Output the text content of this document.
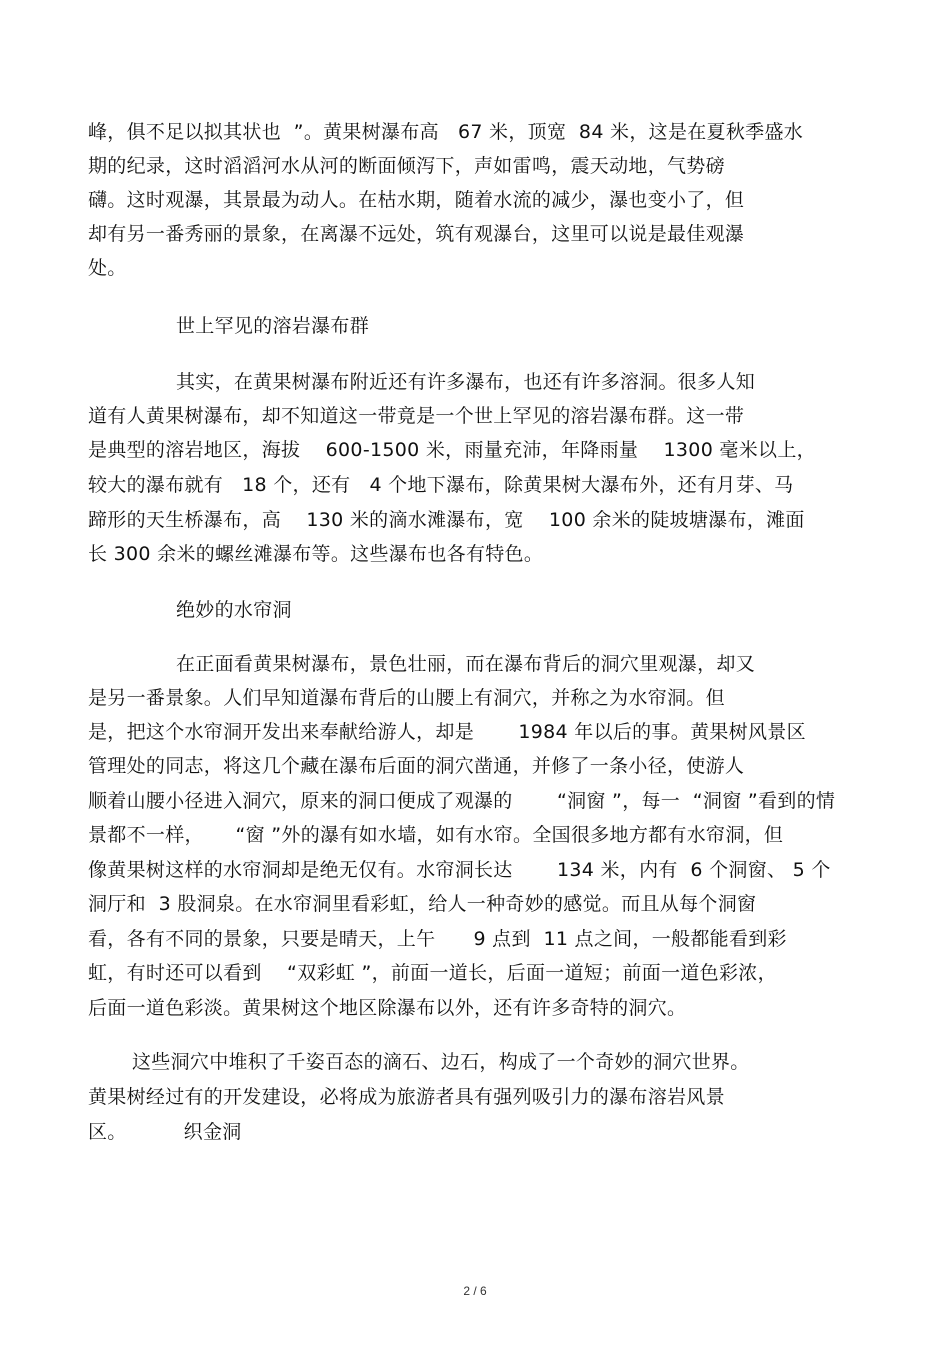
峰，俱不足以拟其状也  ”。黄果树瀑布高   67 米，顶宽  84 米，这是在夏秋季盛水
期的纪录，这时滔滔河水从河的断面倾泻下，声如雷鸣，震天动地，气势磅
礴。这时观瀑，其景最为动人。在枯水期，随着水流的减少，瀑也变小了，但
却有另一番秀丽的景象，在离瀑不远处，筑有观瀑台，这里可以说是最佳观瀑
处。
世上罕见的溶岩瀑布群
其实，在黄果树瀑布附近还有许多瀑布，也还有许多溶洞。很多人知
道有人黄果树瀑布，却不知道这一带竟是一个世上罕见的溶岩瀑布群。这一带
是典型的溶岩地区，海拔    600-1500 米，雨量充沛，年降雨量    1300 毫米以上，
较大的瀑布就有   18 个，还有   4 个地下瀑布，除黄果树大瀑布外，还有月芽、马
蹄形的天生桥瀑布，高    130 米的滴水滩瀑布，宽    100 余米的陡坡塘瀑布，滩面
长 300 余米的螺丝滩瀑布等。这些瀑布也各有特色。
绝妙的水帘洞
在正面看黄果树瀑布，景色壮丽，而在瀑布背后的洞穴里观瀑，却又
是另一番景象。人们早知道瀑布背后的山腰上有洞穴，并称之为水帘洞。但
是，把这个水帘洞开发出来奉献给游人，却是       1984 年以后的事。黄果树风景区
管理处的同志，将这几个藏在瀑布后面的洞穴凿通，并修了一条小径，使游人
顺着山腰小径进入洞穴，原来的洞口便成了观瀑的       “洞窗 ”，每一  “洞窗 ”看到的情
景都不一样，     “窗 ”外的瀑有如水墙，如有水帘。全国很多地方都有水帘洞，但
像黄果树这样的水帘洞却是绝无仅有。水帘洞长达       134 米，内有  6 个洞窗、 5 个
洞厅和  3 股洞泉。在水帘洞里看彩虹，给人一种奇妙的感觉。而且从每个洞窗
看，各有不同的景象，只要是晴天，上午      9 点到  11 点之间，一般都能看到彩
虹，有时还可以看到    “双彩虹 ”，前面一道长，后面一道短；前面一道色彩浓，
后面一道色彩淡。黄果树这个地区除瀑布以外，还有许多奇特的洞穴。
这些洞穴中堆积了千姿百态的滴石、边石，构成了一个奇妙的洞穴世界。
黄果树经过有的开发建设，必将成为旅游者具有强列吸引力的瀑布溶岩风景
区。         织金洞
2 / 6
